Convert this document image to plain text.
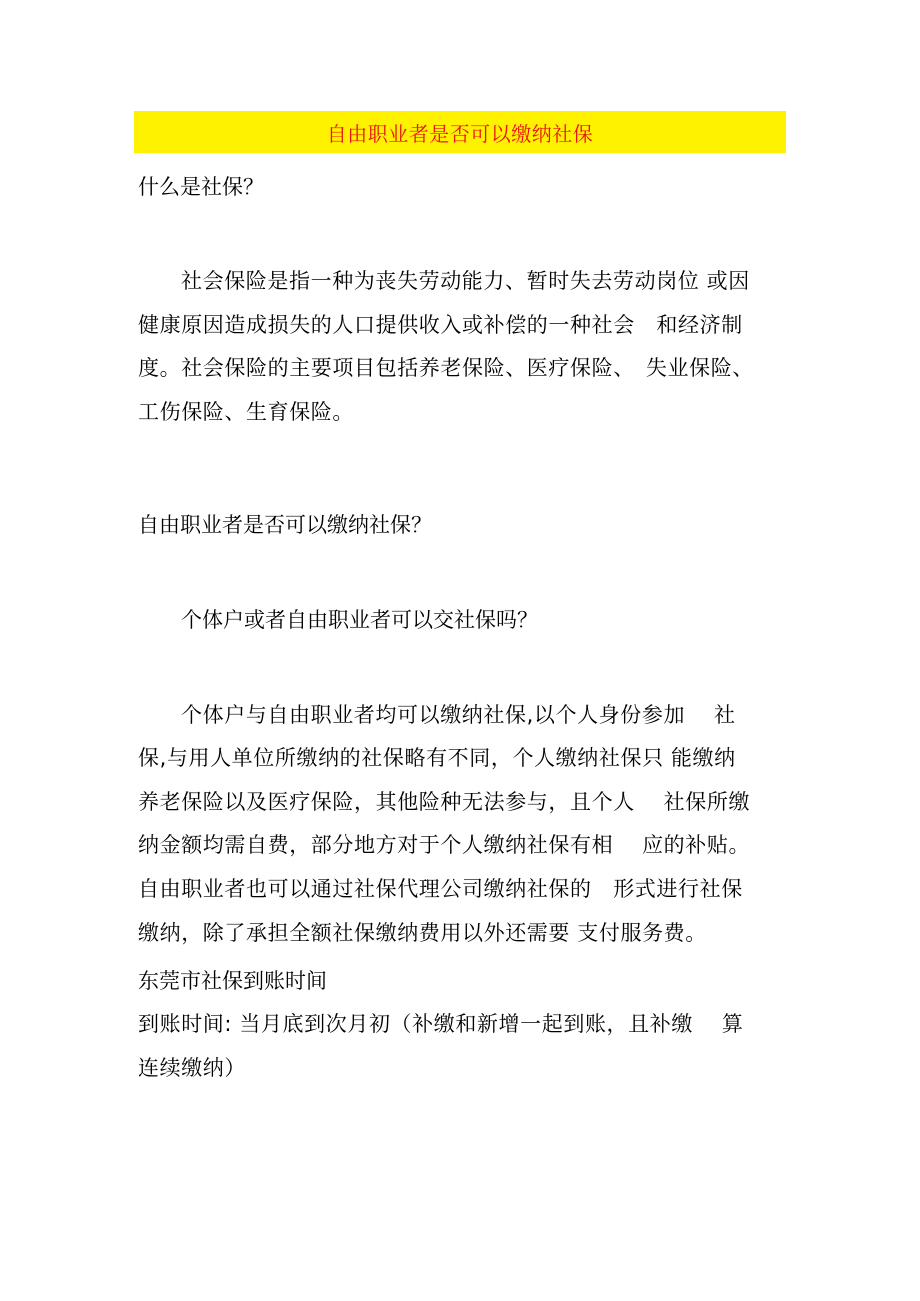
自由职业者是否可以缴纳社保
什么是社保？
社会保险是指一种为丧失劳动能力、暂时失去劳动岗位 或因
健康原因造成损失的人口提供收入或补偿的一种社会　和经济制
度。社会保险的主要项目包括养老保险、医疗保险、　失业保险、
工伤保险、生育保险。
自由职业者是否可以缴纳社保？
个体户或者自由职业者可以交社保吗？
个体户与自由职业者均可以缴纳社保,以个人身份参加　 社
保,与用人单位所缴纳的社保略有不同，个人缴纳社保只 能缴纳
养老保险以及医疗保险，其他险种无法参与，且个人　 社保所缴
纳金额均需自费，部分地方对于个人缴纳社保有相　 应的补贴。
自由职业者也可以通过社保代理公司缴纳社保的　形式进行社保
缴纳，除了承担全额社保缴纳费用以外还需要 支付服务费。
东莞市社保到账时间
到账时间: 当月底到次月初（补缴和新增一起到账，且补缴　 算
连续缴纳）
